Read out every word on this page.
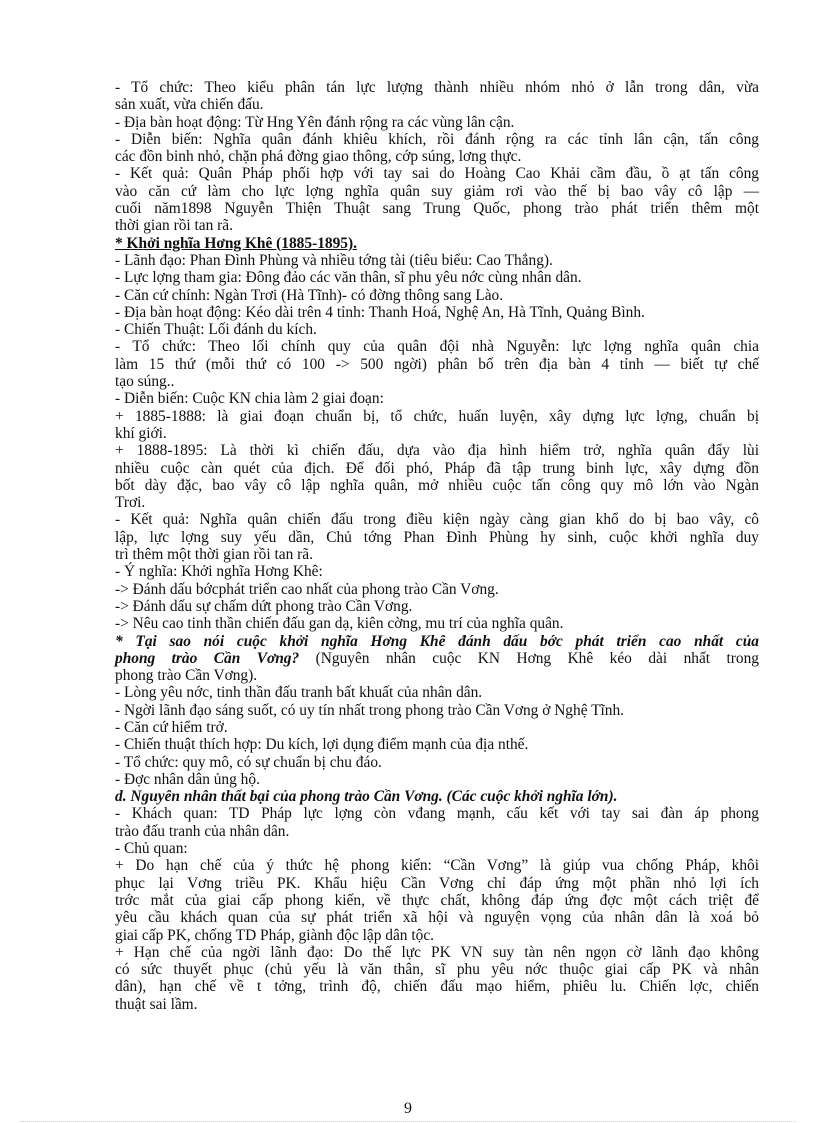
- Tổ chức: Theo kiểu phân tán lực lượng thành nhiều nhóm nhỏ ở lẫn trong dân, vừa

sản xuất, vừa chiến đấu.

- Địa bàn hoạt động: Từ Hng Yên đánh rộng ra các vùng lân cận.

- Diễn biến: Nghĩa quân đánh khiêu khích, rồi đánh rộng ra các tỉnh lân cận, tấn công

các đồn binh nhỏ, chặn phá đờng giao thông, cớp súng, lơng thực.

- Kết quả: Quân Pháp phối hợp với tay sai do Hoàng Cao Khải cầm đầu, ồ ạt tấn công

vào căn cứ làm cho lực lợng nghĩa quân suy giảm rơi vào thế bị bao vây cô lập —

cuối năm1898 Nguyễn Thiện Thuật sang Trung Quốc, phong trào phát triển thêm một

thời gian rồi tan rã.

* Khởi nghĩa Hơng Khê (1885-1895).

- Lãnh đạo: Phan Đình Phùng và nhiều tớng tài (tiêu biểu: Cao Thắng).

- Lực lợng tham gia: Đông đảo các văn thân, sĩ phu yêu nớc cùng nhân dân.

- Căn cứ chính: Ngàn Trơi (Hà Tĩnh)- có đờng thông sang Lào.

- Địa bàn hoạt động: Kéo dài trên 4 tỉnh: Thanh Hoá, Nghệ An, Hà Tĩnh, Quảng Bình.

- Chiến Thuật: Lối đánh du kích.

- Tổ chức: Theo lối chính quy của quân đội nhà Nguyễn: lực lợng nghĩa quân chia

làm 15 thứ (mỗi thứ có 100 -> 500 ngời) phân bố trên địa bàn 4 tỉnh — biết tự chế

tạo súng..

- Diễn biến: Cuộc KN chia làm 2 giai đoạn:

+ 1885-1888: là giai đoạn chuẩn bị, tổ chức, huấn luyện, xây dựng lực lợng, chuẩn bị

khí giới.

+ 1888-1895: Là thời kì chiến đấu, dựa vào địa hình hiểm trở, nghĩa quân đẩy lùi

nhiều cuộc càn quét của địch. Để đối phó, Pháp đã tập trung binh lực, xây dựng đồn

bốt dày đặc, bao vây cô lập nghĩa quân, mở nhiều cuộc tấn công quy mô lớn vào Ngàn

Trơi.

- Kết quả: Nghĩa quân chiến đấu trong điều kiện ngày càng gian khổ do bị bao vây, cô

lập, lực lợng suy yếu dần, Chủ tớng Phan Đình Phùng hy sinh, cuộc khởi nghĩa duy

trì thêm một thời gian rồi tan rã.

- Ý nghĩa: Khởi nghĩa Hơng Khê:

-> Đánh dấu bớcphát triển cao nhất của phong trào Cần Vơng.

-> Đánh dấu sự chấm dứt phong trào Cần Vơng.

-> Nêu cao tinh thần chiến đấu gan dạ, kiên cờng, mu trí của nghĩa quân.

* Tại sao nói cuộc khởi nghĩa Hơng Khê đánh dấu bớc phát triển cao nhất của

phong trào Cần Vơng? (Nguyên nhân cuộc KN Hơng Khê kéo dài nhất trong

phong trào Cần Vơng).

- Lòng yêu nớc, tinh thần đấu tranh bất khuất của nhân dân.

- Ngời lãnh đạo sáng suốt, có uy tín nhất trong phong trào Cần Vơng ở Nghệ Tĩnh.

- Căn cứ hiểm trở.

- Chiến thuật thích hợp: Du kích, lợi dụng điểm mạnh của địa nthế.

- Tổ chức: quy mô, có sự chuẩn bị chu đáo.

- Đợc nhân dân ủng hộ.

d. Nguyên nhân thất bại của phong trào Cần Vơng. (Các cuộc khởi nghĩa lớn).

- Khách quan: TD Pháp lực lợng còn vđang mạnh, cấu kết với tay sai đàn áp phong

trào đấu tranh của nhân dân.

- Chủ quan:

+ Do hạn chế của ý thức hệ phong kiến: “Cần Vơng” là giúp vua chống Pháp, khôi

phục lại Vơng triều PK. Khẩu hiệu Cần Vơng chỉ đáp ứng một phần nhỏ lợi ích

trớc mắt của giai cấp phong kiến, về thực chất, không đáp ứng đợc một cách triệt để

yêu cầu khách quan của sự phát triển xã hội và nguyện vọng của nhân dân là xoá bỏ

giai cấp PK, chống TD Pháp, giành độc lập dân tộc.

+ Hạn chế của ngời lãnh đạo: Do thế lực PK VN suy tàn nên ngọn cờ lãnh đạo không

có sức thuyết phục (chủ yếu là văn thân, sĩ phu yêu nớc thuộc giai cấp PK và nhân

dân), hạn chế về t tởng, trình độ, chiến đấu mạo hiểm, phiêu lu. Chiến lợc, chiến

thuật sai lầm.

9
